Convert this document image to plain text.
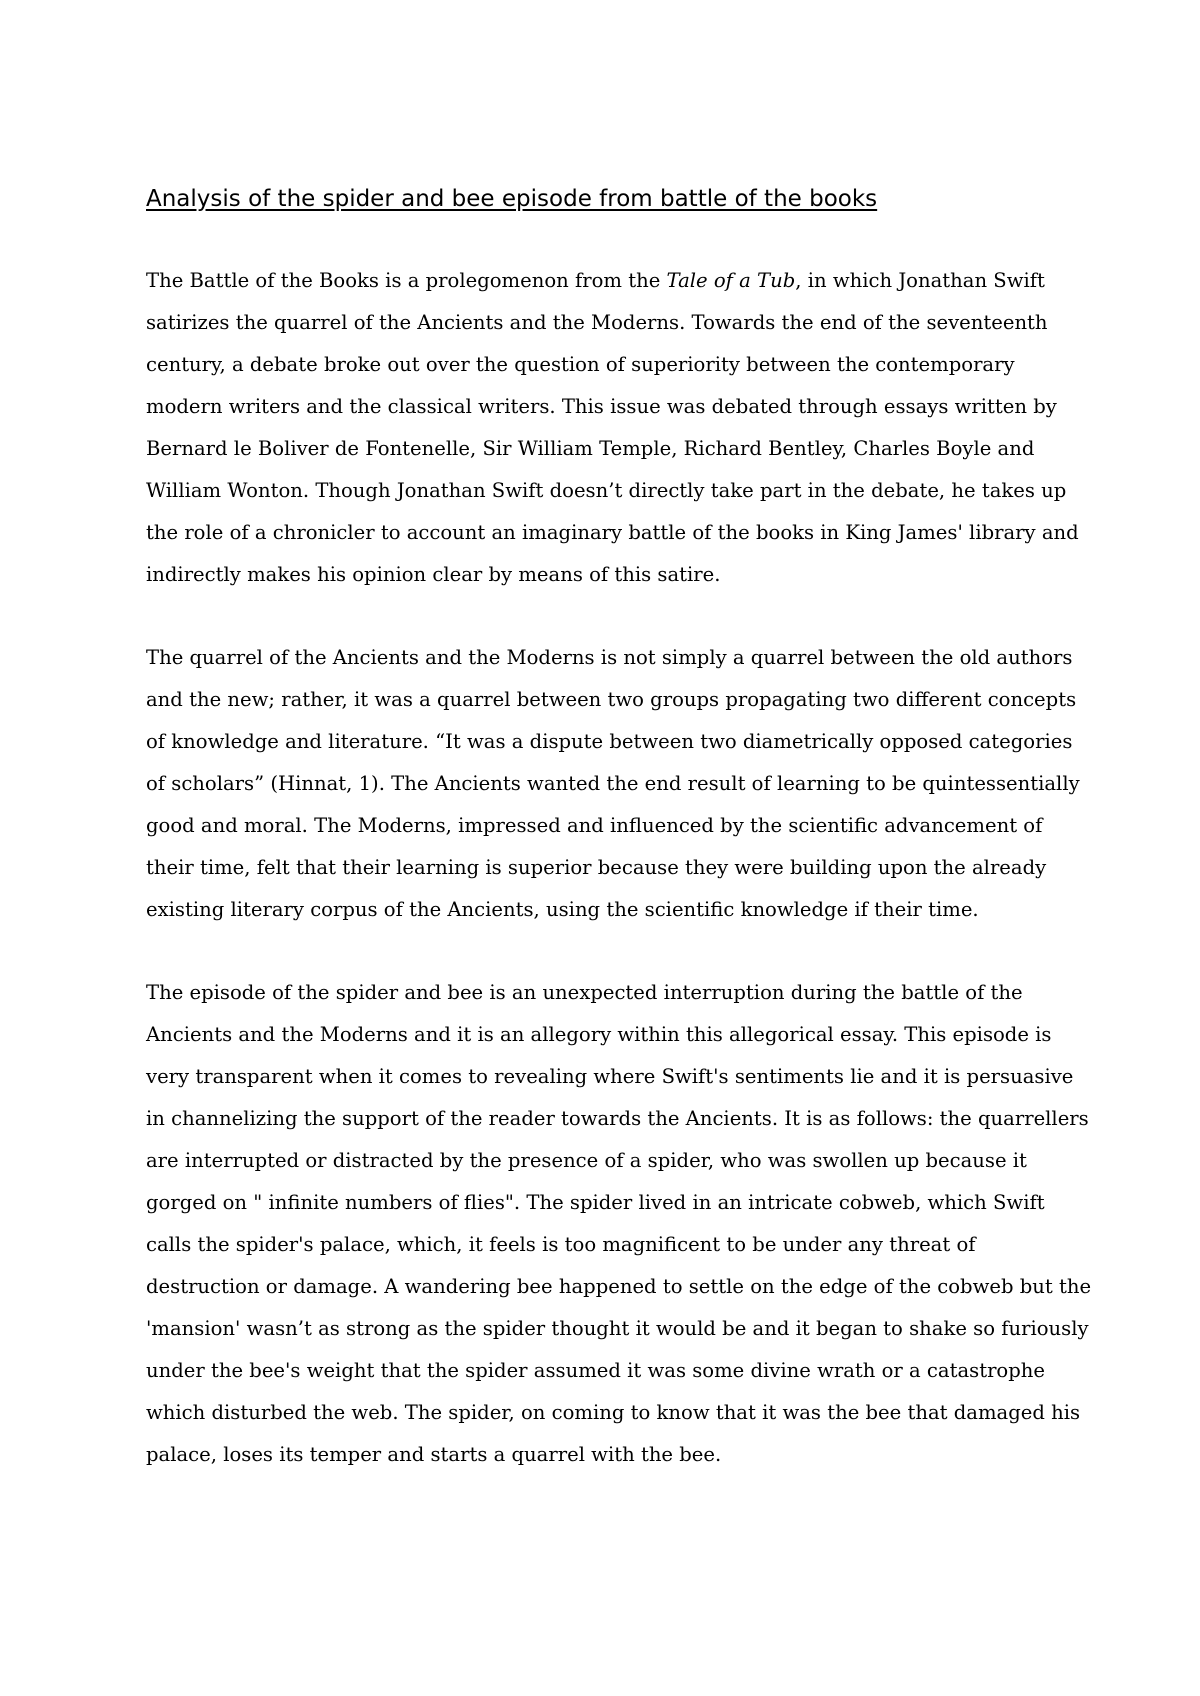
Analysis of the spider and bee episode from battle of the books
The Battle of the Books is a prolegomenon from the Tale of a Tub, in which Jonathan Swift
satirizes the quarrel of the Ancients and the Moderns. Towards the end of the seventeenth
century, a debate broke out over the question of superiority between the contemporary
modern writers and the classical writers. This issue was debated through essays written by
Bernard le Boliver de Fontenelle, Sir William Temple, Richard Bentley, Charles Boyle and
William Wonton. Though Jonathan Swift doesn’t directly take part in the debate, he takes up
the role of a chronicler to account an imaginary battle of the books in King James' library and
indirectly makes his opinion clear by means of this satire.
The quarrel of the Ancients and the Moderns is not simply a quarrel between the old authors
and the new; rather, it was a quarrel between two groups propagating two different concepts
of knowledge and literature. “It was a dispute between two diametrically opposed categories
of scholars” (Hinnat, 1). The Ancients wanted the end result of learning to be quintessentially
good and moral. The Moderns, impressed and influenced by the scientific advancement of
their time, felt that their learning is superior because they were building upon the already
existing literary corpus of the Ancients, using the scientific knowledge if their time.
The episode of the spider and bee is an unexpected interruption during the battle of the
Ancients and the Moderns and it is an allegory within this allegorical essay. This episode is
very transparent when it comes to revealing where Swift's sentiments lie and it is persuasive
in channelizing the support of the reader towards the Ancients. It is as follows: the quarrellers
are interrupted or distracted by the presence of a spider, who was swollen up because it
gorged on " infinite numbers of flies". The spider lived in an intricate cobweb, which Swift
calls the spider's palace, which, it feels is too magnificent to be under any threat of
destruction or damage. A wandering bee happened to settle on the edge of the cobweb but the
'mansion' wasn’t as strong as the spider thought it would be and it began to shake so furiously
under the bee's weight that the spider assumed it was some divine wrath or a catastrophe
which disturbed the web. The spider, on coming to know that it was the bee that damaged his
palace, loses its temper and starts a quarrel with the bee.
